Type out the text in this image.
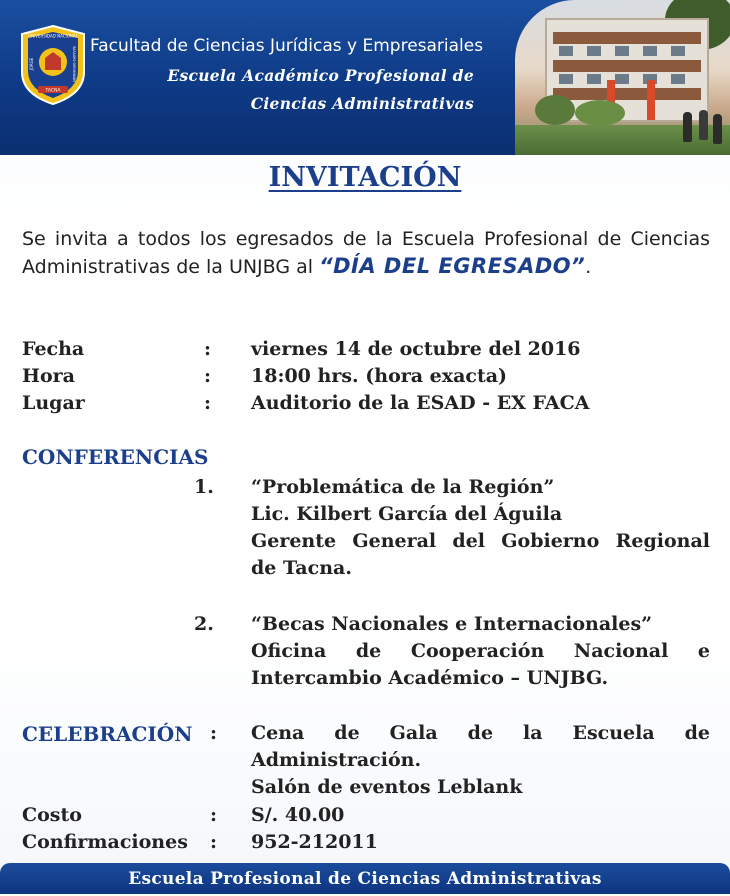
UNIVERSIDAD NACIONAL
JORGE	BASADRE GROHMANN
TACNA
Facultad de Ciencias Jurídicas y Empresariales
Escuela Académico Profesional de
Ciencias Administrativas
INVITACIÓN
Se invita a todos los egresados de la Escuela Profesional de Ciencias Administrativas de la UNJBG al “DÍA DEL EGRESADO”.
Fecha	: viernes 14 de octubre del 2016
Hora	: 18:00 hrs. (hora exacta)
Lugar	: Auditorio de la ESAD - EX FACA
CONFERENCIAS
1. “Problemática de la Región”
Lic. Kilbert García del Águila
Gerente General del Gobierno Regional
de Tacna.
2. “Becas Nacionales e Internacionales”
Oficina de Cooperación Nacional e
Intercambio Académico – UNJBG.
CELEBRACIÓN : Cena de Gala de la Escuela de
Administración.
Salón de eventos Leblank
Costo	: S/. 40.00
Confirmaciones : 952-212011
Escuela Profesional de Ciencias Administrativas
